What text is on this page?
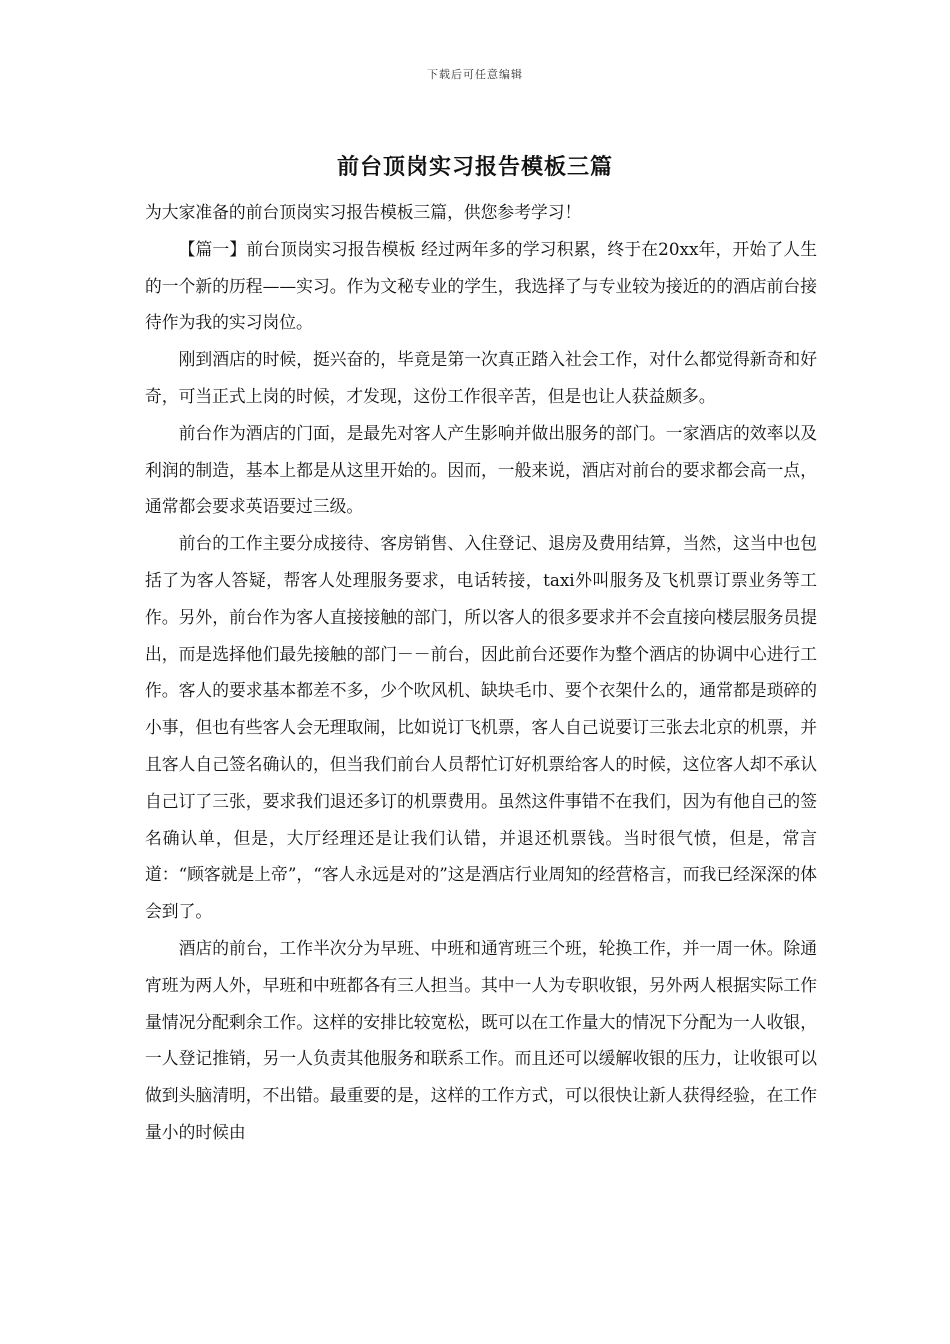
下载后可任意编辑
前台顶岗实习报告模板三篇

为大家准备的前台顶岗实习报告模板三篇，供您参考学习！

【篇一】前台顶岗实习报告模板 经过两年多的学习积累，终于在20xx年，开始了人生的一个新的历程——实习。作为文秘专业的学生，我选择了与专业较为接近的的酒店前台接待作为我的实习岗位。

刚到酒店的时候，挺兴奋的，毕竟是第一次真正踏入社会工作，对什么都觉得新奇和好奇，可当正式上岗的时候，才发现，这份工作很辛苦，但是也让人获益颇多。

前台作为酒店的门面，是最先对客人产生影响并做出服务的部门。一家酒店的效率以及利润的制造，基本上都是从这里开始的。因而，一般来说，酒店对前台的要求都会高一点，通常都会要求英语要过三级。

前台的工作主要分成接待、客房销售、入住登记、退房及费用结算，当然，这当中也包括了为客人答疑，帮客人处理服务要求，电话转接，taxi外叫服务及飞机票订票业务等工作。另外，前台作为客人直接接触的部门，所以客人的很多要求并不会直接向楼层服务员提出，而是选择他们最先接触的部门－－前台，因此前台还要作为整个酒店的协调中心进行工作。客人的要求基本都差不多，少个吹风机、缺块毛巾、要个衣架什么的，通常都是琐碎的小事，但也有些客人会无理取闹，比如说订飞机票，客人自己说要订三张去北京的机票，并且客人自己签名确认的，但当我们前台人员帮忙订好机票给客人的时候，这位客人却不承认自己订了三张，要求我们退还多订的机票费用。虽然这件事错不在我们，因为有他自己的签名确认单，但是，大厅经理还是让我们认错，并退还机票钱。当时很气愤，但是，常言道：“顾客就是上帝”，“客人永远是对的”这是酒店行业周知的经营格言，而我已经深深的体会到了。

酒店的前台，工作半次分为早班、中班和通宵班三个班，轮换工作，并一周一休。除通宵班为两人外，早班和中班都各有三人担当。其中一人为专职收银，另外两人根据实际工作量情况分配剩余工作。这样的安排比较宽松，既可以在工作量大的情况下分配为一人收银，一人登记推销，另一人负责其他服务和联系工作。而且还可以缓解收银的压力，让收银可以做到头脑清明，不出错。最重要的是，这样的工作方式，可以很快让新人获得经验，在工作量小的时候由
